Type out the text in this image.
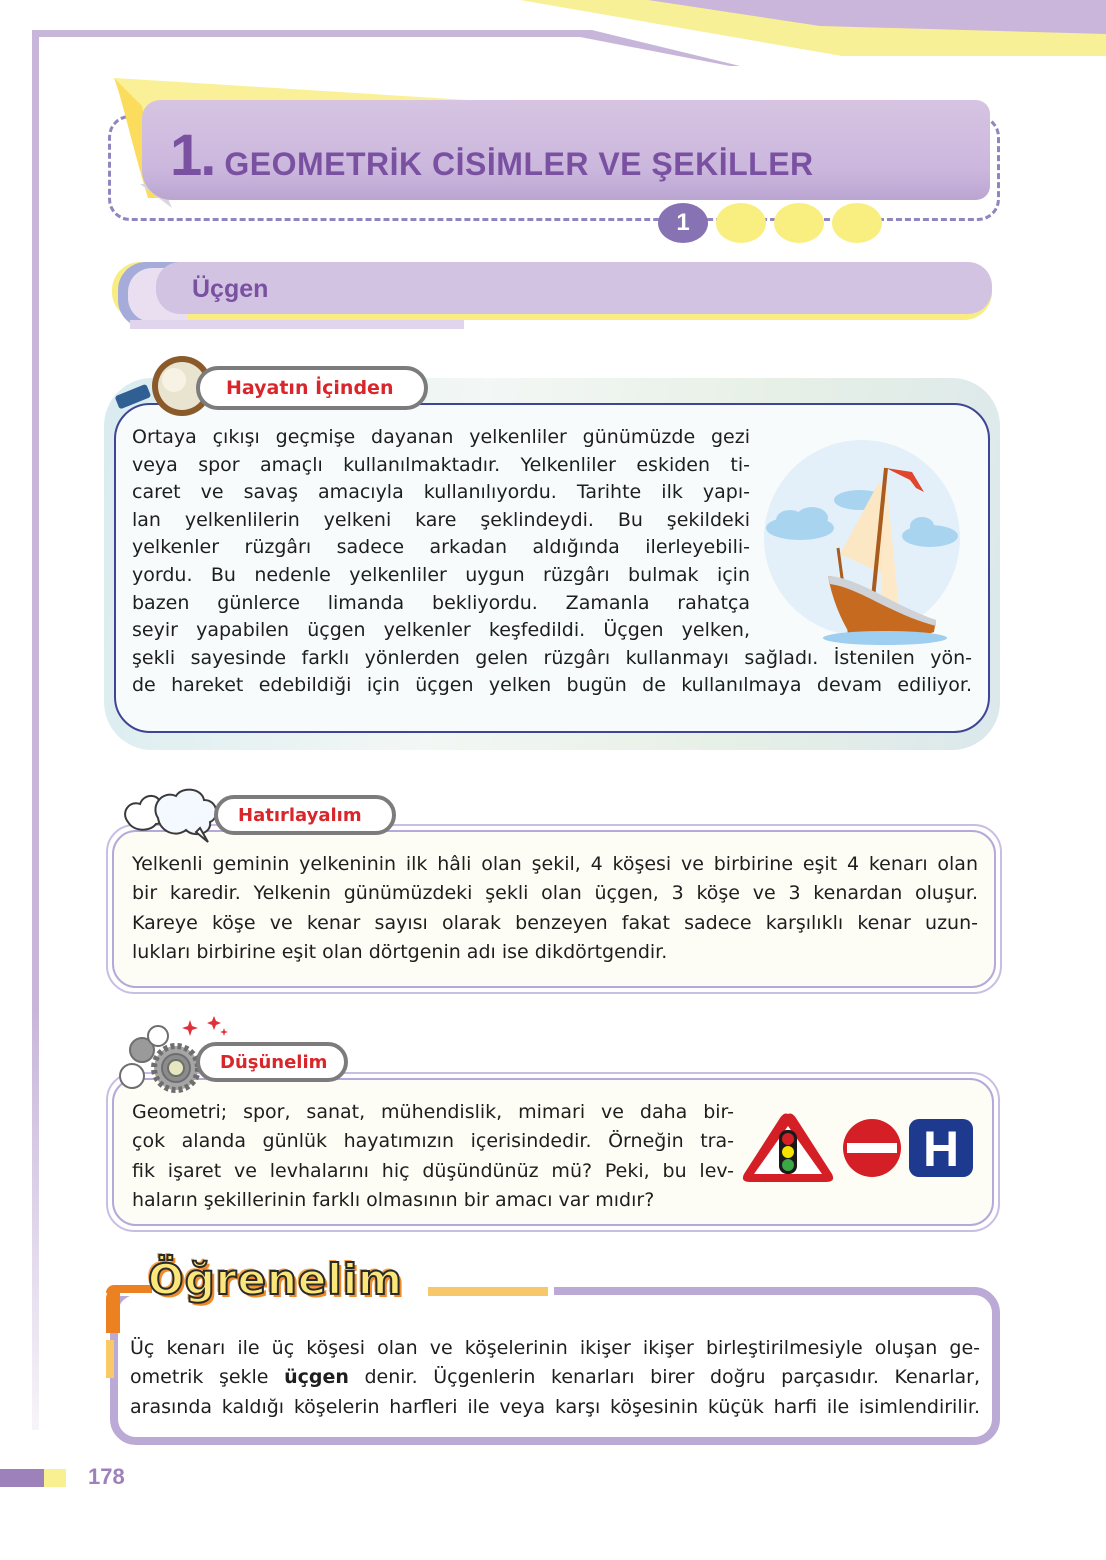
1. GEOMETRİK CİSİMLER VE ŞEKİLLER
1
Üçgen
Ortaya çıkışı geçmişe dayanan yelkenliler günümüzde gezi
veya spor amaçlı kullanılmaktadır. Yelkenliler eskiden ti-
caret ve savaş amacıyla kullanılıyordu. Tarihte ilk yapı-
lan yelkenlilerin yelkeni kare şeklindeydi. Bu şekildeki
yelkenler rüzgârı sadece arkadan aldığında ilerleyebili-
yordu. Bu nedenle yelkenliler uygun rüzgârı bulmak için
bazen günlerce limanda bekliyordu. Zamanla rahatça
seyir yapabilen üçgen yelkenler keşfedildi. Üçgen yelken,
şekli sayesinde farklı yönlerden gelen rüzgârı kullanmayı sağladı. İstenilen yön-
de hareket edebildiği için üçgen yelken bugün de kullanılmaya devam ediliyor.
Hayatın İçinden
Yelkenli geminin yelkeninin ilk hâli olan şekil, 4 köşesi ve birbirine eşit 4 kenarı olan
bir karedir. Yelkenin günümüzdeki şekli olan üçgen, 3 köşe ve 3 kenardan oluşur.
Kareye köşe ve kenar sayısı olarak benzeyen fakat sadece karşılıklı kenar uzun-
lukları birbirine eşit olan dörtgenin adı ise dikdörtgendir.
Hatırlayalım
Geometri; spor, sanat, mühendislik, mimari ve daha bir-
çok alanda günlük hayatımızın içerisindedir. Örneğin tra-
fik işaret ve levhalarını hiç düşündünüz mü? Peki, bu lev-
haların şekillerinin farklı olmasının bir amacı var mıdır?
Düşünelim
H
Öğrenelim
Üç kenarı ile üç köşesi olan ve köşelerinin ikişer ikişer birleştirilmesiyle oluşan ge-
ometrik şekle üçgen denir. Üçgenlerin kenarları birer doğru parçasıdır. Kenarlar,
arasında kaldığı köşelerin harfleri ile veya karşı köşesinin küçük harfi ile isimlendirilir.
178
